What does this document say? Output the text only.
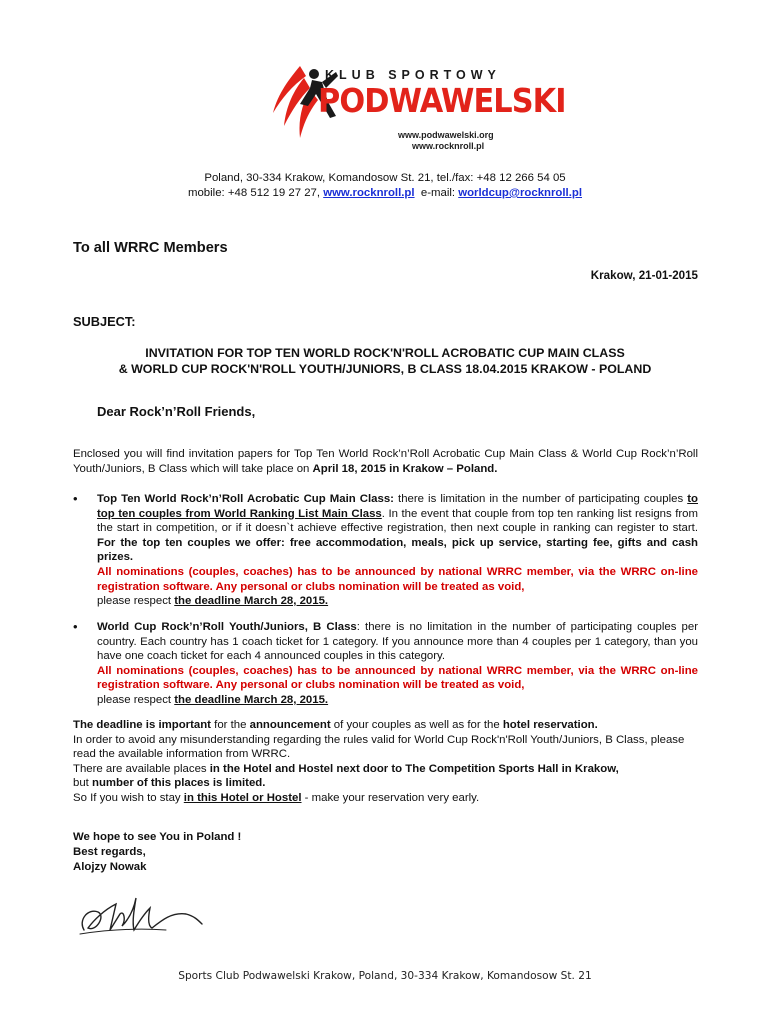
KLUB SPORTOWY
PODWAWELSKI
www.podwawelski.org
www.rocknroll.pl
Poland, 30-334 Krakow, Komandosow St. 21, tel./fax: +48 12 266 54 05
mobile: +48 512 19 27 27, www.rocknroll.pl  e-mail: worldcup@rocknroll.pl
To all WRRC Members
Krakow, 21-01-2015
SUBJECT:
INVITATION FOR TOP TEN WORLD ROCK'N'ROLL ACROBATIC CUP MAIN CLASS
& WORLD CUP ROCK'N'ROLL YOUTH/JUNIORS, B CLASS 18.04.2015 KRAKOW - POLAND
Dear Rock’n’Roll Friends,
Enclosed you will find invitation papers for Top Ten World Rock’n’Roll Acrobatic Cup Main Class & World Cup Rock’n’Roll Youth/Juniors, B Class which will take place on April 18, 2015 in Krakow – Poland.
• Top Ten World Rock’n’Roll Acrobatic Cup Main Class: there is limitation in the number of participating couples to top ten couples from World Ranking List Main Class. In the event that couple from top ten ranking list resigns from the start in competition, or if it doesn`t achieve effective registration, then next couple in ranking can register to start. For the top ten couples we offer: free accommodation, meals, pick up service, starting fee, gifts and cash prizes.
All nominations (couples, coaches) has to be announced by national WRRC member, via the WRRC on-line registration software. Any personal or clubs nomination will be treated as void,
please respect the deadline March 28, 2015.
• World Cup Rock’n’Roll Youth/Juniors, B Class: there is no limitation in the number of participating couples per country. Each country has 1 coach ticket for 1 category. If you announce more than 4 couples per 1 category, than you have one coach ticket for each 4 announced couples in this category.
All nominations (couples, coaches) has to be announced by national WRRC member, via the WRRC on-line registration software. Any personal or clubs nomination will be treated as void,
please respect the deadline March 28, 2015.
The deadline is important for the announcement of your couples as well as for the hotel reservation.
In order to avoid any misunderstanding regarding the rules valid for World Cup Rock'n'Roll Youth/Juniors, B Class, please read the available information from WRRC.
There are available places in the Hotel and Hostel next door to The Competition Sports Hall in Krakow,
but number of this places is limited.
So If you wish to stay in this Hotel or Hostel - make your reservation very early.
We hope to see You in Poland !
Best regards,
Alojzy Nowak
Sports Club Podwawelski Krakow, Poland, 30-334 Krakow, Komandosow St. 21
